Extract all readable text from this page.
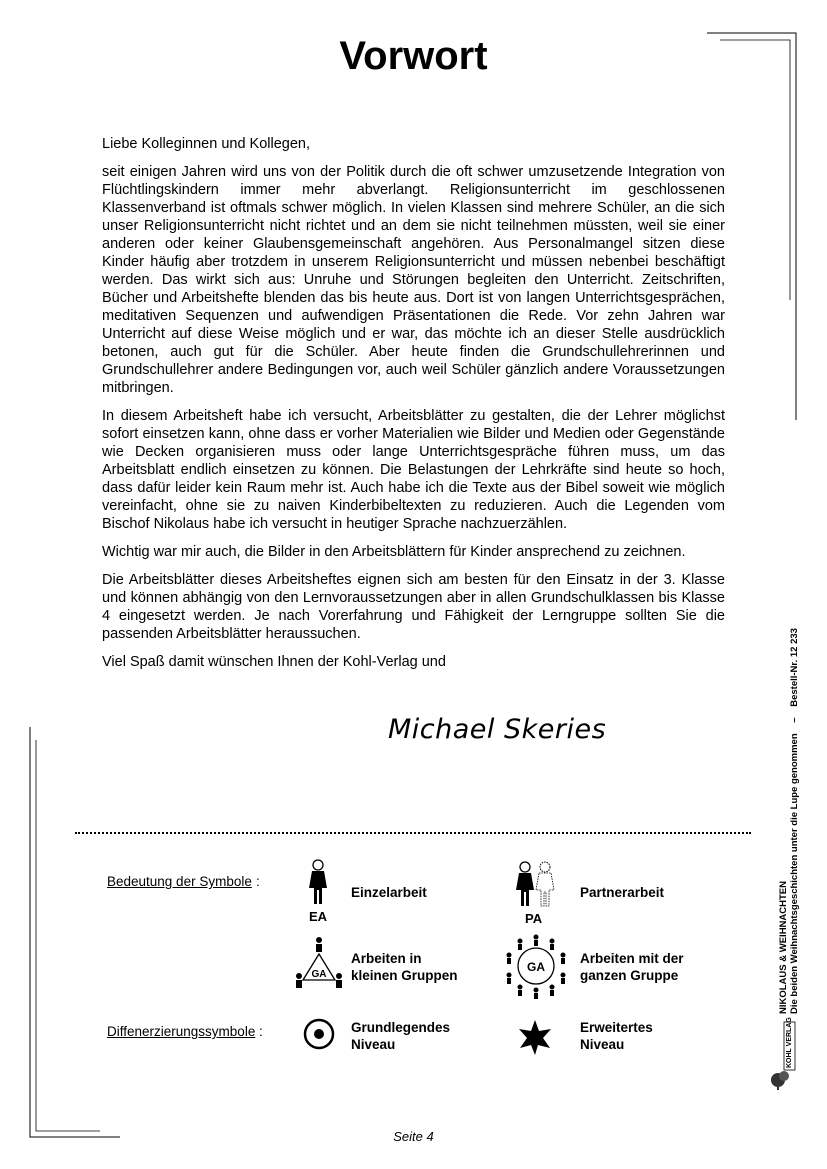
Vorwort

Liebe Kolleginnen und Kollegen,

seit einigen Jahren wird uns von der Politik durch die oft schwer umzusetzende Integration von Flüchtlingskindern immer mehr abverlangt. Religionsunterricht im geschlossenen Klassenverband ist oftmals schwer möglich. In vielen Klassen sind mehrere Schüler, an die sich unser Religionsunterricht nicht richtet und an dem sie nicht teilnehmen müssten, weil sie einer anderen oder keiner Glaubensgemeinschaft angehören. Aus Personalmangel sitzen diese Kinder häufig aber trotzdem in unserem Religionsunterricht und müssen nebenbei beschäftigt werden. Das wirkt sich aus: Unruhe und Störungen begleiten den Unterricht. Zeitschriften, Bücher und Arbeitshefte blenden das bis heute aus. Dort ist von langen Unterrichtsgesprächen, meditativen Sequenzen und aufwendigen Präsentationen die Rede. Vor zehn Jahren war Unterricht auf diese Weise möglich und er war, das möchte ich an dieser Stelle ausdrücklich betonen, auch gut für die Schüler. Aber heute finden die Grundschullehrerinnen und Grundschullehrer andere Bedingungen vor, auch weil Schüler gänzlich andere Voraussetzungen mitbringen.

In diesem Arbeitsheft habe ich versucht, Arbeitsblätter zu gestalten, die der Lehrer möglichst sofort einsetzen kann, ohne dass er vorher Materialien wie Bilder und Medien oder Gegenstände wie Decken organisieren muss oder lange Unterrichtsgespräche führen muss, um das Arbeitsblatt endlich einsetzen zu können. Die Belastungen der Lehrkräfte sind heute so hoch, dass dafür leider kein Raum mehr ist. Auch habe ich die Texte aus der Bibel soweit wie möglich vereinfacht, ohne sie zu naiven Kinderbibeltexten zu reduzieren. Auch die Legenden vom Bischof Nikolaus habe ich versucht in heutiger Sprache nachzuerzählen.

Wichtig war mir auch, die Bilder in den Arbeitsblättern für Kinder ansprechend zu zeichnen.

Die Arbeitsblätter dieses Arbeitsheftes eignen sich am besten für den Einsatz in der 3. Klasse und können abhängig von den Lernvoraussetzungen aber in allen Grundschulklassen bis Klasse 4 eingesetzt werden. Je nach Vorerfahrung und Fähigkeit der Lerngruppe sollten Sie die passenden Arbeitsblätter heraussuchen.

Viel Spaß damit wünschen Ihnen der Kohl-Verlag und

Michael Skeries
Bedeutung der Symbole :
EA
Einzelarbeit
PA
Partnerarbeit
GA
Arbeiten in
kleinen Gruppen
GA
Arbeiten mit der
ganzen Gruppe
Diffenerzierungssymbole :	Grundlegendes
Niveau
Erweitertes
Niveau
NIKOLAUS & WEIHNACHTEN Die beiden Weihnachtsgeschichten unter die Lupe genommen – Bestell-Nr. 12 233
KOHL VERLAG
Seite 4
